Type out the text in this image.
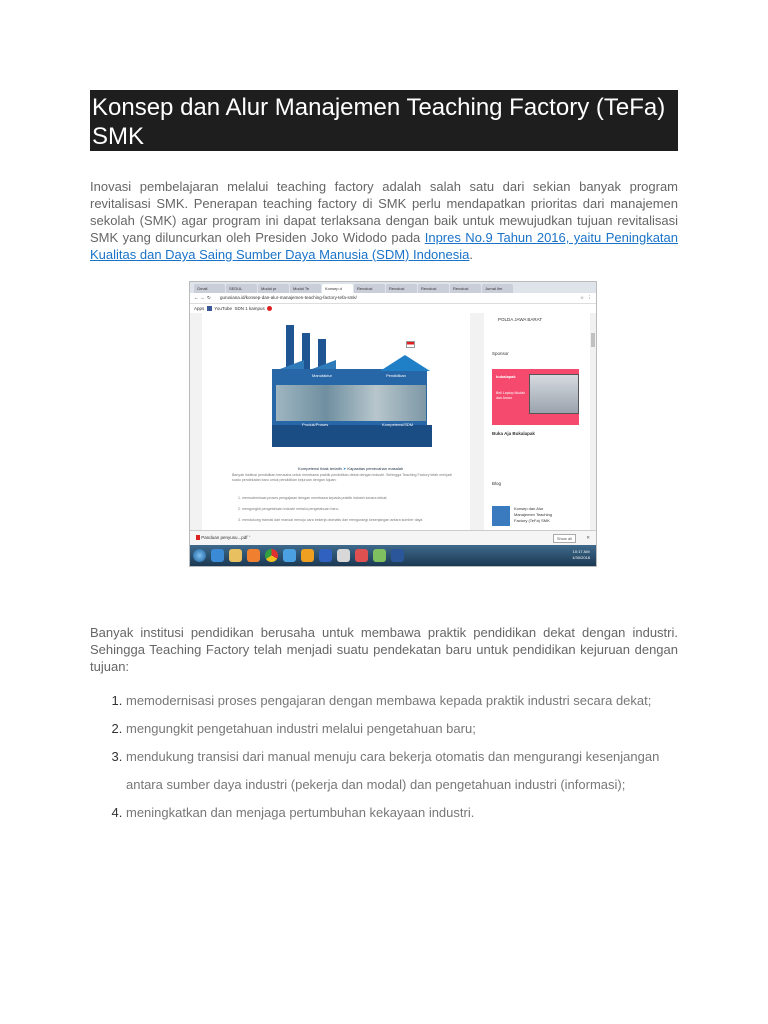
Konsep dan Alur Manajemen Teaching Factory (TeFa) SMK

Inovasi pembelajaran melalui teaching factory adalah salah satu dari sekian banyak program revitalisasi SMK. Penerapan teaching factory di SMK perlu mendapatkan prioritas dari manajemen sekolah (SMK) agar program ini dapat terlaksana dengan baik untuk mewujudkan tujuan revitalisasi SMK yang diluncurkan oleh Presiden Joko Widodo pada Inpres No.9 Tahun 2016, yaitu Peningkatan Kualitas dan Daya Saing Sumber Daya Manusia (SDM) Indonesia.

Gmail	SEDUL	Modul pr	Modul Te	Konsep d	Revolusi	Revolusi	Revolusi	Revolusi	Jurnal Ilm
← → ↻ gurusiana.id/konsep-dan-alur-manajemen-teaching-factory-tefa-smk/	☆ ⋮
Apps YouTube SDN 1 kampus
Manufaktur	Pendidikan
Produk/Proses	Kompetensi/SDM
Kompetensi tidak terlatih ➤ Kapasitas pemecahan masalah
Banyak institusi pendidikan berusaha untuk membawa praktik pendidikan dekat dengan industri. Sehingga Teaching Factory telah menjadi suatu pendekatan baru untuk pendidikan kejuruan dengan tujuan:
1. memodernisasi proses pengajaran dengan membawa kepada praktik industri secara dekat;
2. mengungkit pengetahuan industri melalui pengetahuan baru;
3. mendukung transisi dari manual menuju cara bekerja otomatis dan mengurangi kesenjangan antara sumber daya
POLDA JAWA BARAT
Sponsor
bukalapak
Beli Laptop Mudah dan Aman
Buka Aja Bukalapak
Blog
Konsep dan Alur Manajemen Teaching Factory (TeFa) SMK
Panduan penyusu...pdf ˆ	Show all	✕
10:17 AM
1/30/2018

Banyak institusi pendidikan berusaha untuk membawa praktik pendidikan dekat dengan industri. Sehingga Teaching Factory telah menjadi suatu pendekatan baru untuk pendidikan kejuruan dengan tujuan:

1. memodernisasi proses pengajaran dengan membawa kepada praktik industri secara dekat;
2. mengungkit pengetahuan industri melalui pengetahuan baru;
3. mendukung transisi dari manual menuju cara bekerja otomatis dan mengurangi kesenjangan
antara sumber daya industri (pekerja dan modal) dan pengetahuan industri (informasi);
4. meningkatkan dan menjaga pertumbuhan kekayaan industri.
